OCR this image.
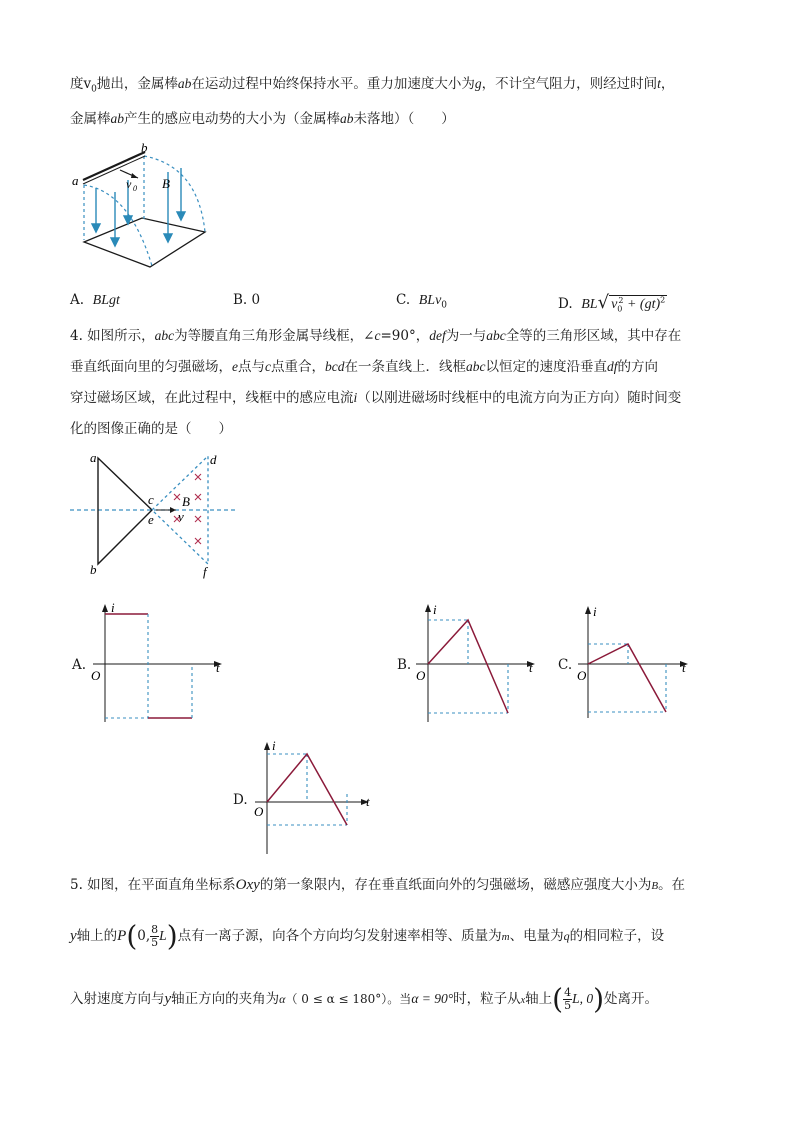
度$v_0$抛出，金属棒ab在运动过程中始终保持水平。重力加速度大小为g，不计空气阻力，则经过时间t，
金属棒ab产生的感应电动势的大小为（金属棒ab未落地）（　　）
a
b
v 0 B
A. BLgt	B. 0	C. BLv$_0$	D. BL√ $v_0^2 + (gt)^2$
4. 如图所示，abc为等腰直角三角形金属导线框，∠c=90°，def为一与abc全等的三角形区域，其中存在
垂直纸面向里的匀强磁场，e点与c点重合，bcd在一条直线上．线框abc以恒定的速度沿垂直df的方向
穿过磁场区域，在此过程中，线框中的感应电流i（以刚进磁场时线框中的电流方向为正方向）随时间变
化的图像正确的是（　　）
a
b
c
e
d
f
B
v
A.
i
t
O
B.
i
t
O
C.
i
t
O
D.
i
t
O
5. 如图，在平面直角坐标系Oxy的第一象限内，存在垂直纸面向外的匀强磁场，磁感应强度大小为B。在
y轴上的P(0, $\frac{8}{5} L$)点有一离子源，向各个方向均匀发射速率相等、质量为m、电量为q的相同粒子，设
入射速度方向与y轴正方向的夹角为α（ 0 ≤ α ≤ 180°）。当α = 90°时，粒子从x轴上( $\frac{4}{5} L$, 0)处离开。
